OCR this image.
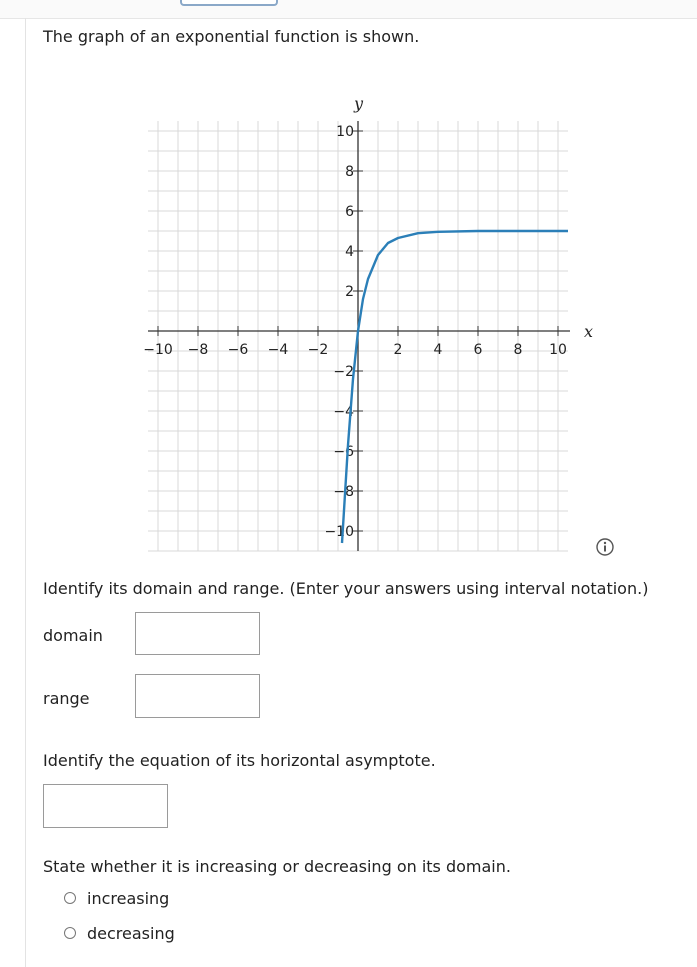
The graph of an exponential function is shown.
−10 −8 −6 −4 −2	2 4 6 8 10
−10
−8
−6
−4
−2
2
4
6
8
10
x
y
Identify its domain and range. (Enter your answers using interval notation.)
domain
range
Identify the equation of its horizontal asymptote.
State whether it is increasing or decreasing on its domain.
increasing
decreasing
